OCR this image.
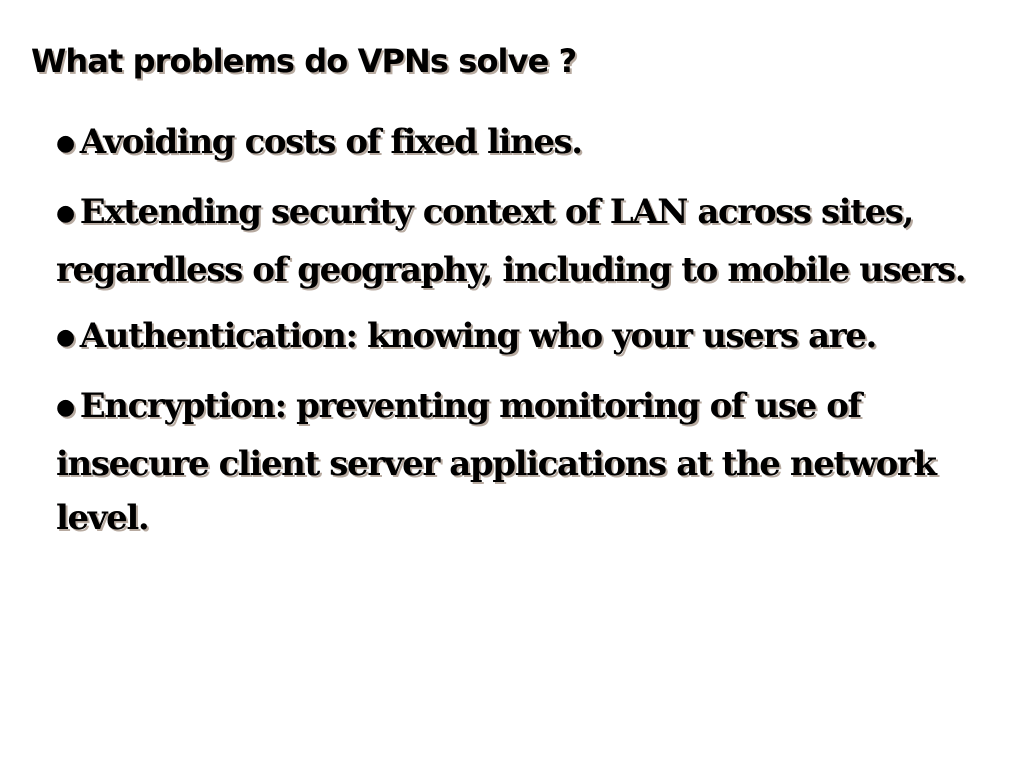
What problems do VPNs solve ?
● Avoiding costs of fixed lines.
● Extending security context of LAN across sites, regardless of geography, including to mobile users.
● Authentication: knowing who your users are.
● Encryption: preventing monitoring of use of insecure client server applications at the network level.
